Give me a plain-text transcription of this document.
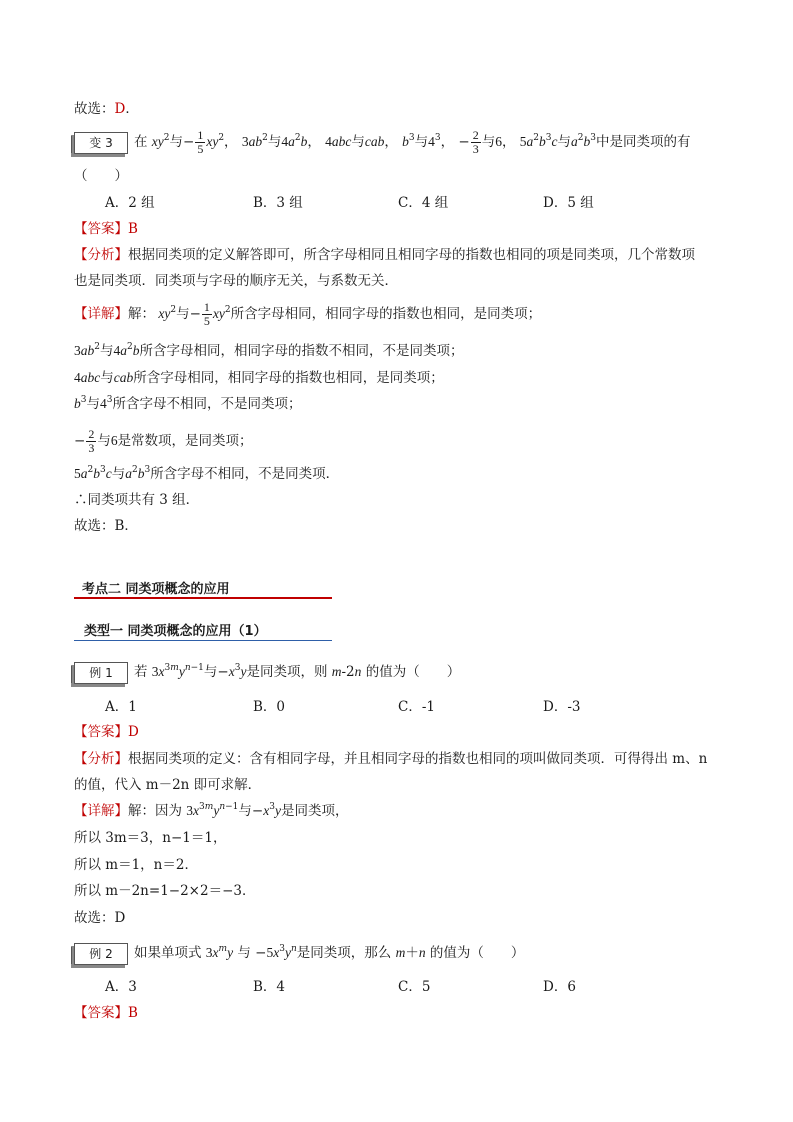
故选：D．
变 3	在 $xy^2$与− $\frac{1}{5} xy^2$， $3ab^2$与$4a^2b$， 4abc与cab， $b^3$与$4^3$， − $\frac{2}{3}$ 与6， $5a^2b^3c$与$a^2b^3$中是同类项的有
（　　）
A．2 组	B．3 组	C．4 组	D．5 组
【答案】B
【分析】根据同类项的定义解答即可，所含字母相同且相同字母的指数也相同的项是同类项，几个常数项
也是同类项．同类项与字母的顺序无关，与系数无关．
【详解】解： $xy^2$与− $\frac{1}{5} xy^2$所含字母相同，相同字母的指数也相同，是同类项；
$3ab^2$与$4a^2b$所含字母相同，相同字母的指数不相同，不是同类项；
4abc与cab所含字母相同，相同字母的指数也相同，是同类项；
$b^3$与$4^3$所含字母不相同，不是同类项；
− $\frac{2}{3}$ 与6是常数项，是同类项；
$5a^2b^3c$与$a^2b^3$所含字母不相同，不是同类项．
∴同类项共有 3 组．
故选：B．
考点二 同类项概念的应用
类型一 同类项概念的应用（1）
例 1	若 $3x^{3m}y^{n-1}$与$-x^3y$是同类项，则 m-2n 的值为（　　）
A．1	B．0	C．-1	D．-3
【答案】D
【分析】根据同类项的定义：含有相同字母，并且相同字母的指数也相同的项叫做同类项．可得得出 m、n
的值，代入 m－2n 即可求解．
【详解】解：因为 $3x^{3m}y^{n-1}$与$-x^3y$是同类项，
所以 3m＝3，n−1＝1，
所以 m＝1，n＝2．
所以 m－2n=1−2×2＝−3．
故选：D
例 2	如果单项式 $3x^my$ 与 $-5x^3y^n$是同类项，那么 m＋n 的值为（　　）
A．3	B．4	C．5	D．6
【答案】B
